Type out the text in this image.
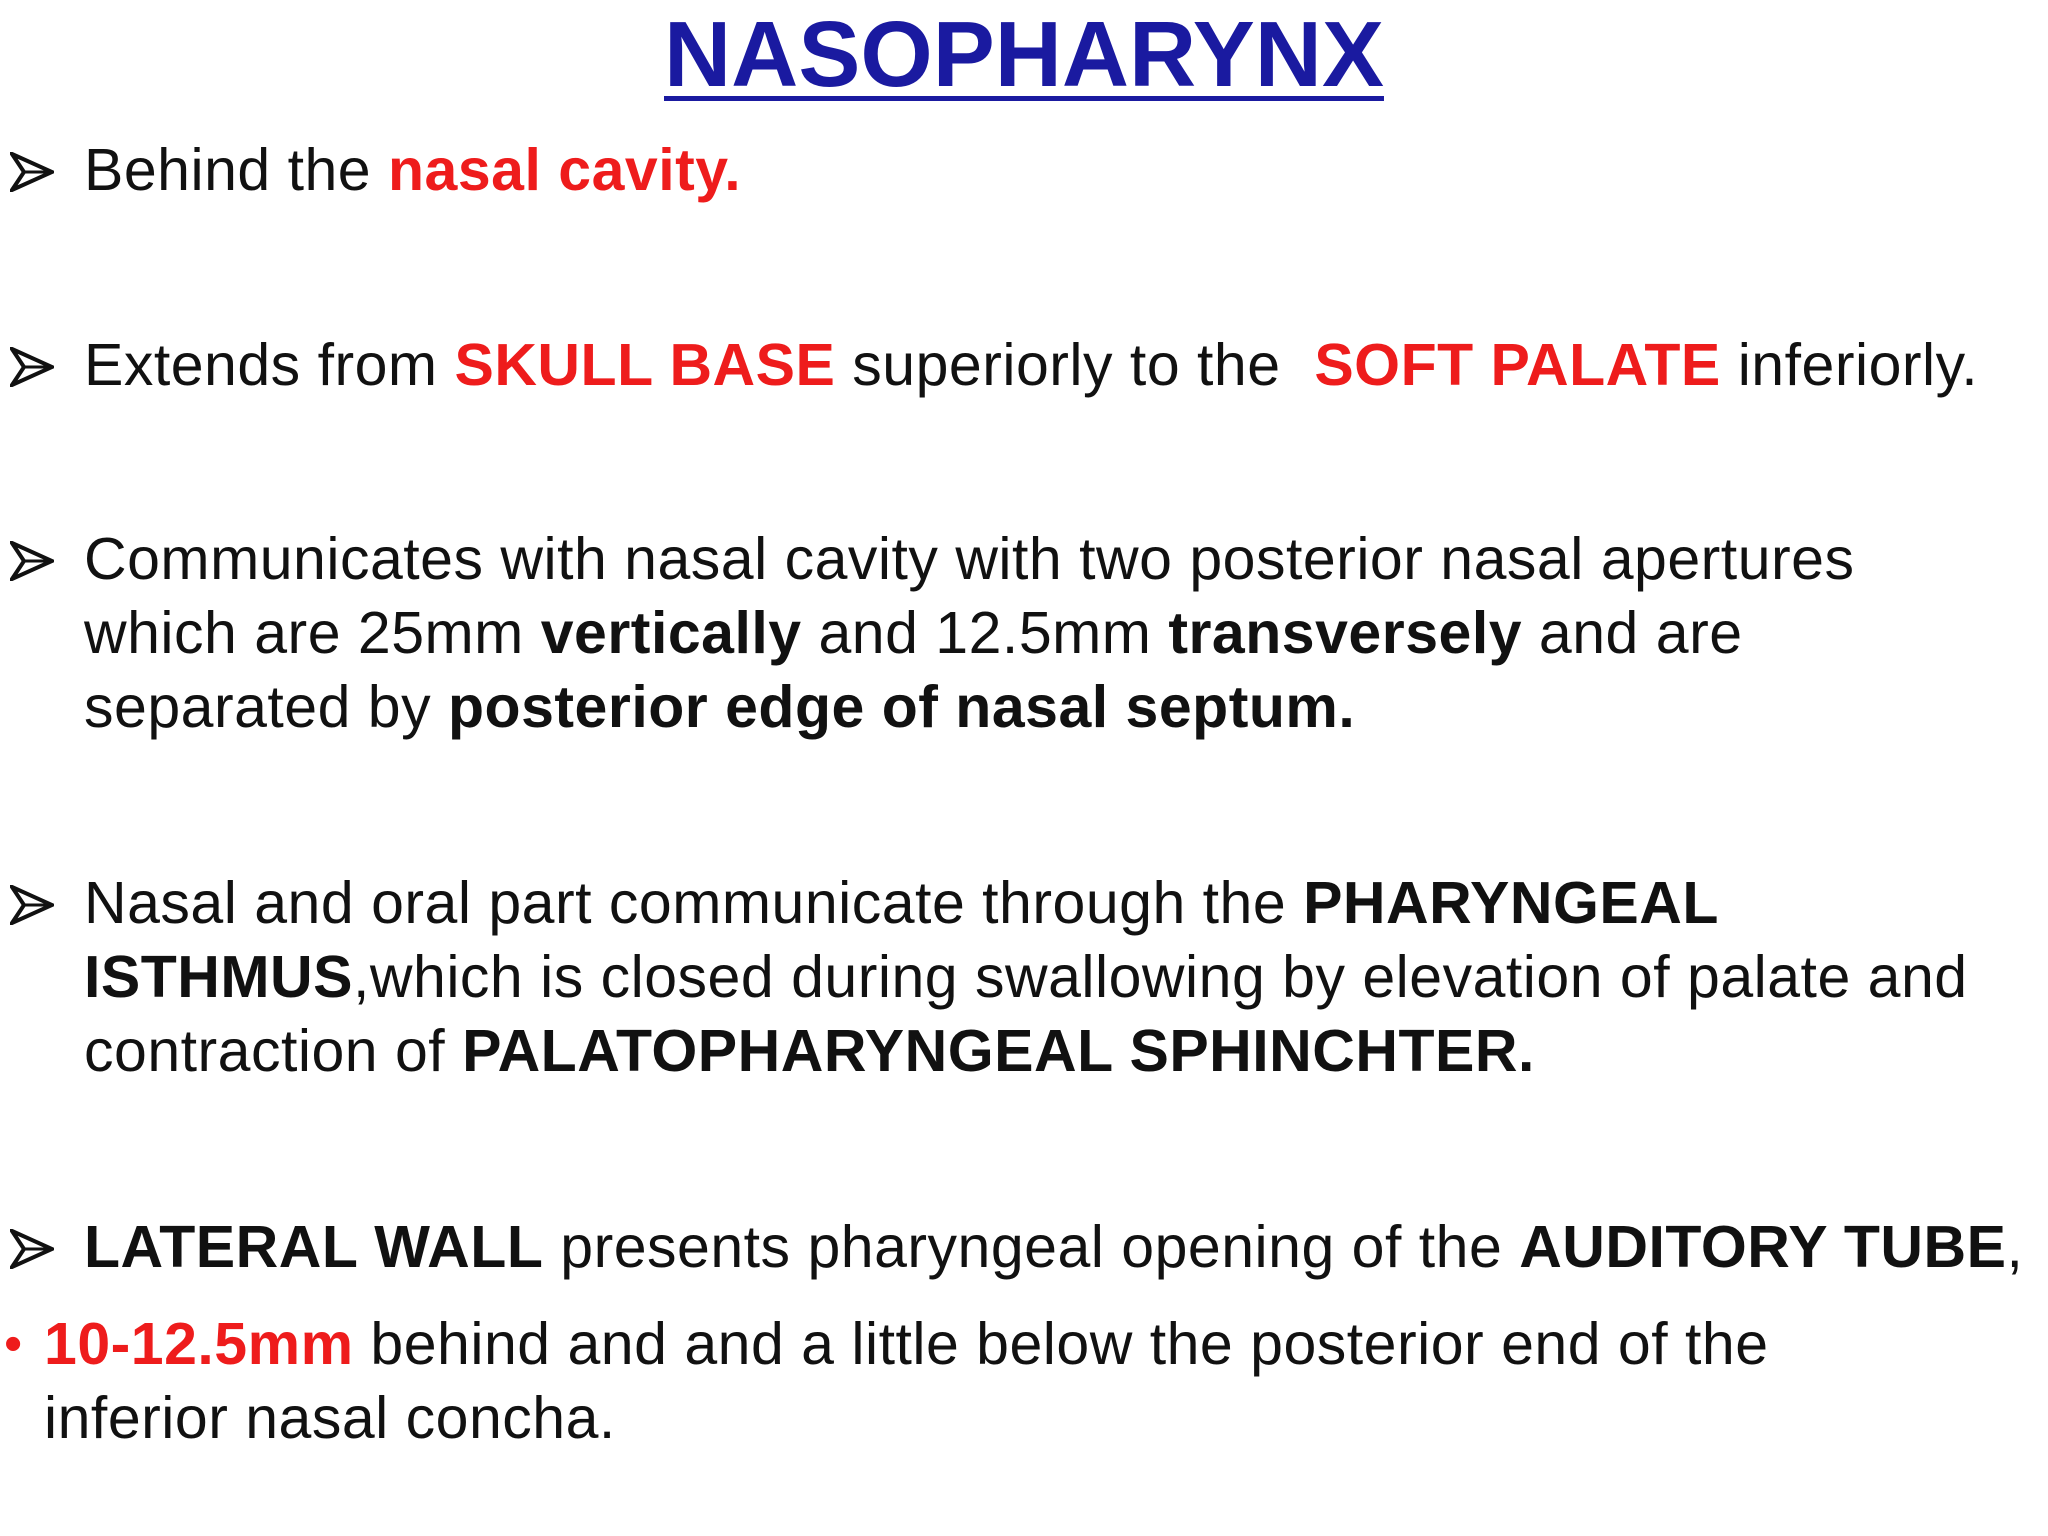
NASOPHARYNX
Behind the nasal cavity.
Extends from SKULL BASE superiorly to the  SOFT PALATE inferiorly.
Communicates with nasal cavity with two posterior nasal apertures which are 25mm vertically and 12.5mm transversely and are separated by posterior edge of nasal septum.
Nasal and oral part communicate through the PHARYNGEAL ISTHMUS,which is closed during swallowing by elevation of palate and contraction of PALATOPHARYNGEAL SPHINCHTER.
LATERAL WALL presents pharyngeal opening of the AUDITORY TUBE,
• 10-12.5mm behind and and a little below the posterior end of the inferior nasal concha.
